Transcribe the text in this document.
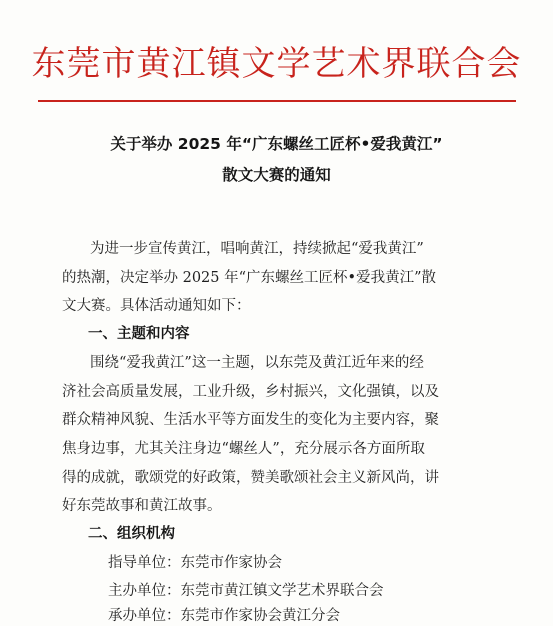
东莞市黄江镇文学艺术界联合会
关于举办 2025 年“广东螺丝工匠杯•爱我黄江”
散文大赛的通知
为进一步宣传黄江，唱响黄江，持续掀起“爱我黄江”
的热潮，决定举办 2025 年“广东螺丝工匠杯•爱我黄江”散
文大赛。具体活动通知如下：
一、主题和内容
围绕“爱我黄江”这一主题，以东莞及黄江近年来的经
济社会高质量发展，工业升级，乡村振兴，文化强镇，以及
群众精神风貌、生活水平等方面发生的变化为主要内容，聚
焦身边事，尤其关注身边“螺丝人”，充分展示各方面所取
得的成就，歌颂党的好政策，赞美歌颂社会主义新风尚，讲
好东莞故事和黄江故事。
二、组织机构
指导单位：东莞市作家协会
主办单位：东莞市黄江镇文学艺术界联合会
承办单位：东莞市作家协会黄江分会
